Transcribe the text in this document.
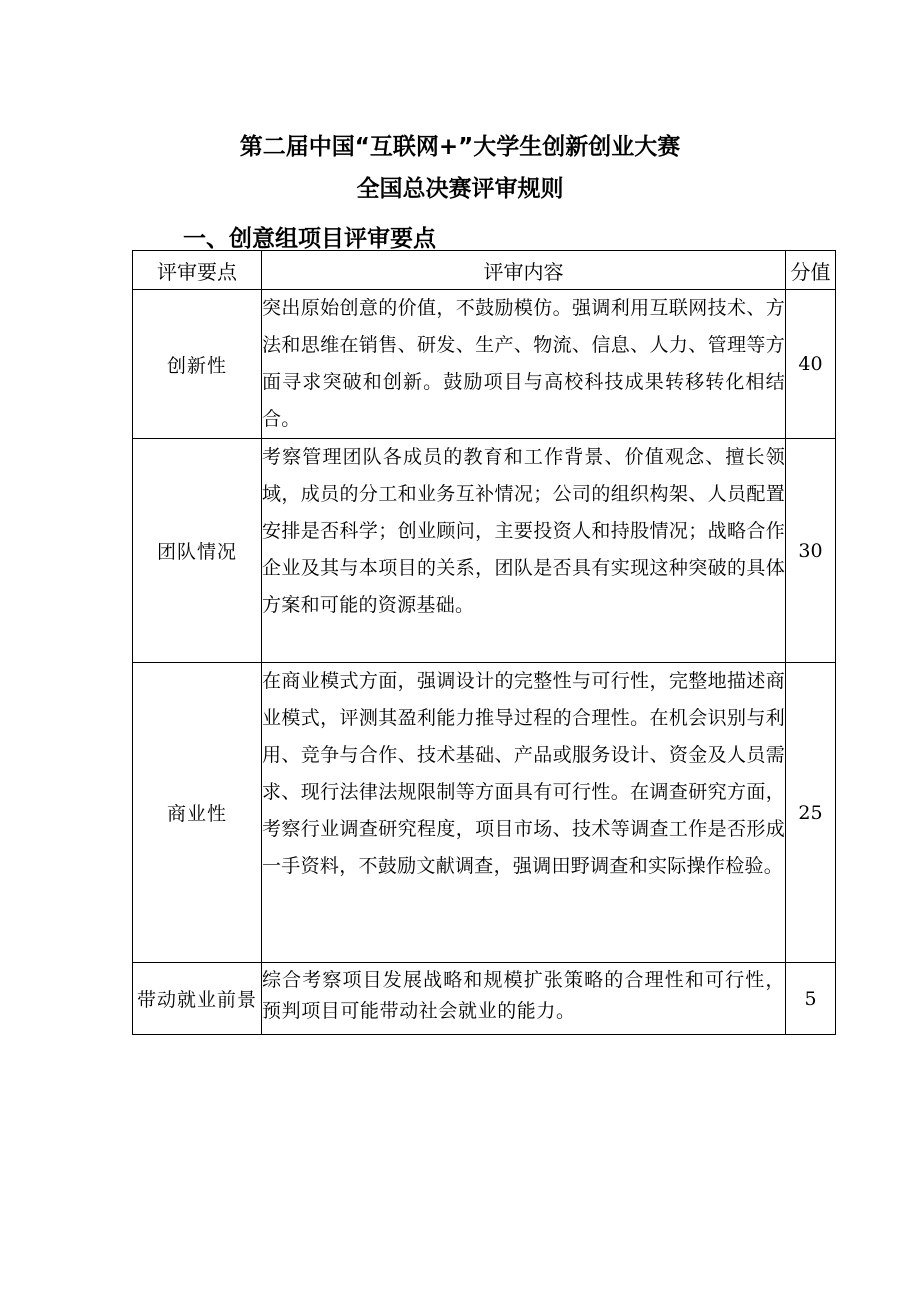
第二届中国“互联网+”大学生创新创业大赛
全国总决赛评审规则
一、创意组项目评审要点
评审要点	评审内容	分值
创新性	突出原始创意的价值，不鼓励模仿。强调利用互联网技术、方法和思维在销售、研发、生产、物流、信息、人力、管理等方面寻求突破和创新。鼓励项目与高校科技成果转移转化相结合。	40
团队情况	考察管理团队各成员的教育和工作背景、价值观念、擅长领域，成员的分工和业务互补情况；公司的组织构架、人员配置安排是否科学；创业顾问，主要投资人和持股情况；战略合作企业及其与本项目的关系，团队是否具有实现这种突破的具体方案和可能的资源基础。	30
商业性	在商业模式方面，强调设计的完整性与可行性，完整地描述商业模式，评测其盈利能力推导过程的合理性。在机会识别与利用、竞争与合作、技术基础、产品或服务设计、资金及人员需求、现行法律法规限制等方面具有可行性。在调查研究方面，考察行业调查研究程度，项目市场、技术等调查工作是否形成一手资料，不鼓励文献调查，强调田野调查和实际操作检验。	25
带动就业前景	综合考察项目发展战略和规模扩张策略的合理性和可行性，预判项目可能带动社会就业的能力。	5
